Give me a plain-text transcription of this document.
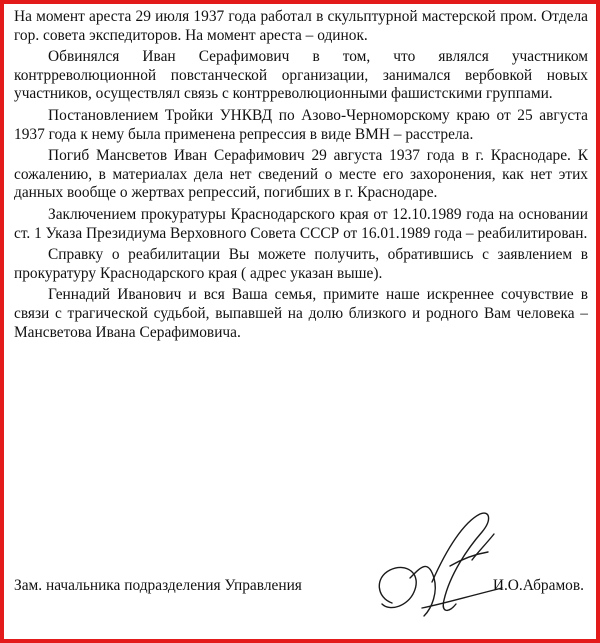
На момент ареста 29 июля 1937 года работал в скульптурной мастерской пром. Отдела гор. совета экспедиторов. На момент ареста – одинок.

Обвинялся Иван Серафимович в том, что являлся участником контрреволюционной повстанческой организации, занимался вербовкой новых участников, осуществлял связь с контрреволюционными фашистскими группами.

Постановлением Тройки УНКВД по Азово-Черноморскому краю от 25 августа 1937 года к нему была применена репрессия в виде ВМН – расстрела.

Погиб Мансветов Иван Серафимович 29 августа 1937 года в г. Краснодаре. К сожалению, в материалах дела нет сведений о месте его захоронения, как нет этих данных вообще о жертвах репрессий, погибших в г. Краснодаре.

Заключением прокуратуры Краснодарского края от 12.10.1989 года на основании ст. 1 Указа Президиума Верховного Совета СССР от 16.01.1989 года – реабилитирован.

Справку о реабилитации Вы можете получить, обратившись с заявлением в прокуратуру Краснодарского края ( адрес указан выше).

Геннадий Иванович и вся Ваша семья, примите наше искреннее сочувствие в связи с трагической судьбой, выпавшей на долю близкого и родного Вам человека –Мансветова Ивана Серафимовича.

Зам. начальника подразделения Управления	И.О.Абрамов.
